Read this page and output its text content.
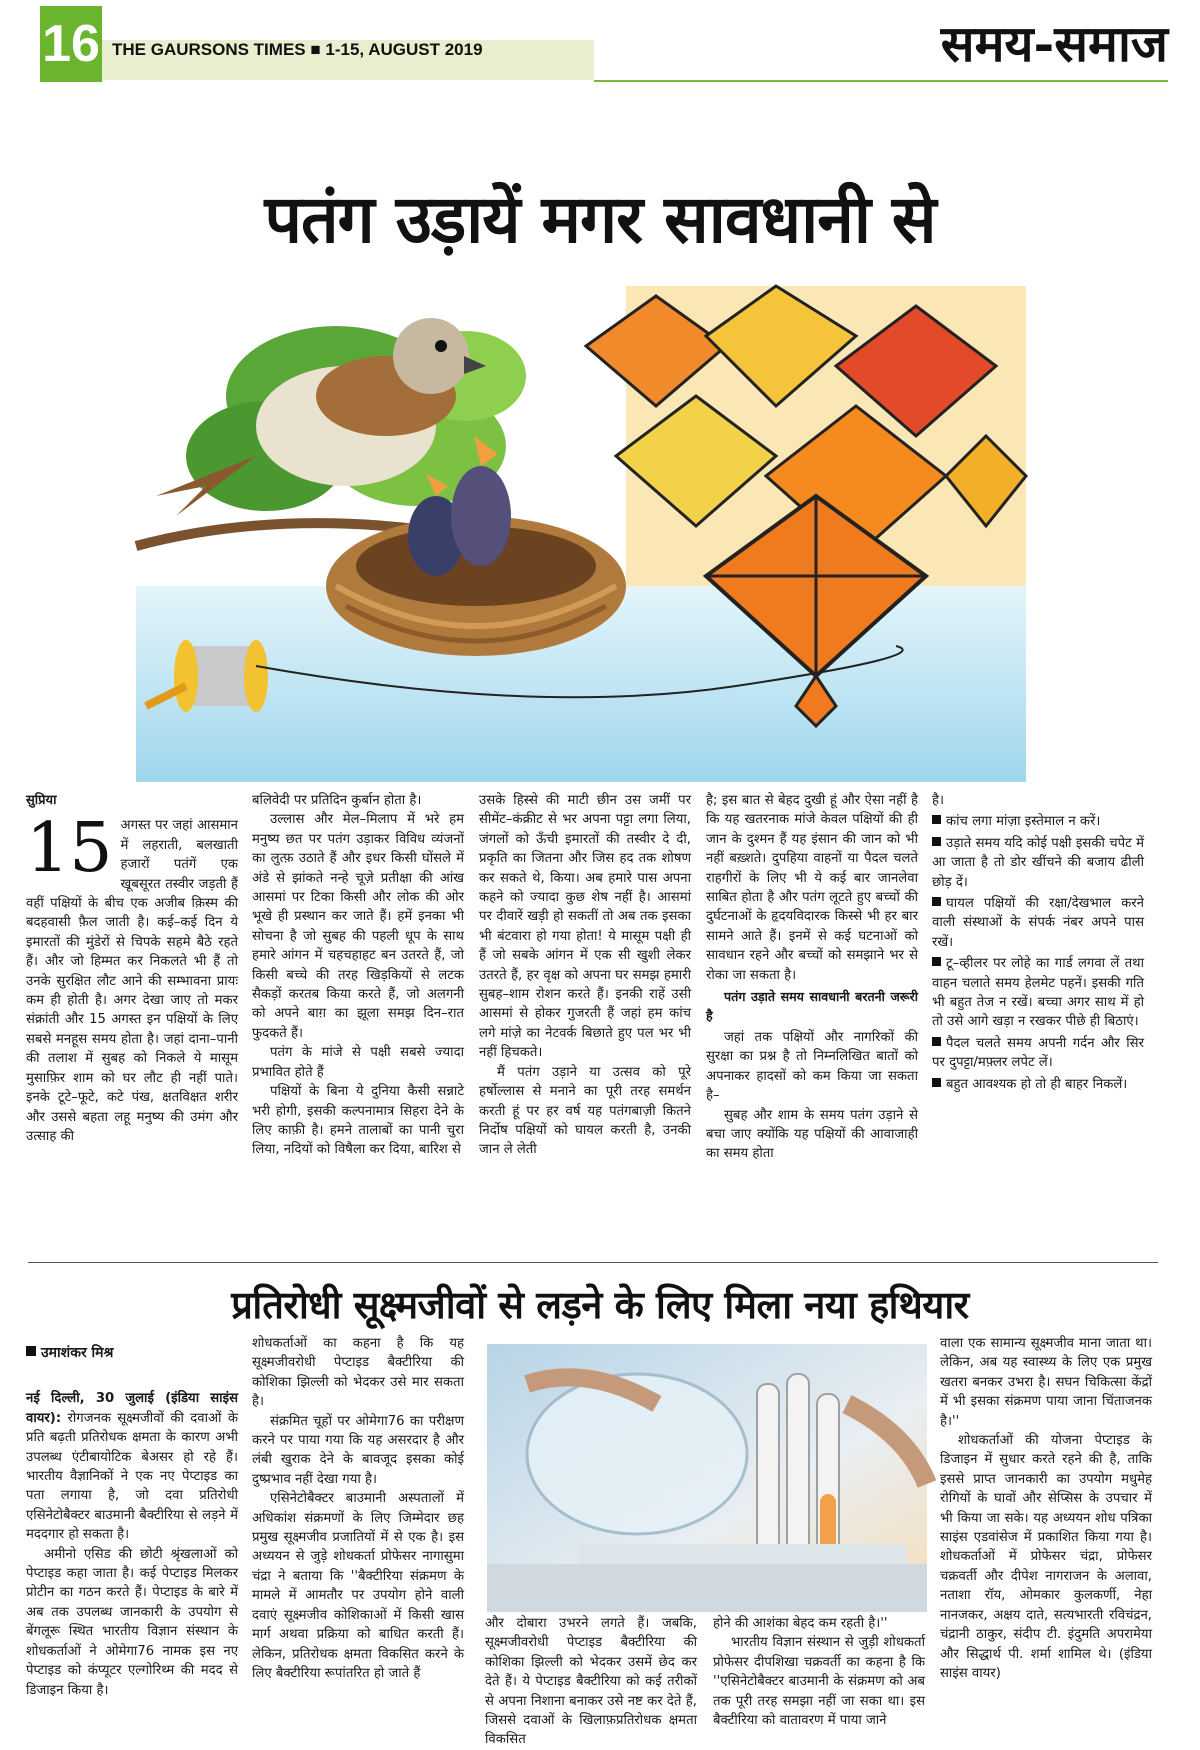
16 THE GAURSONS TIMES ■ 1-15, AUGUST 2019	समय-समाज
पतंग उड़ायें मगर सावधानी से
सुप्रिया
15 अगस्त पर जहां आसमान में लहराती, बलखाती हजारों पतंगें एक खूबसूरत तस्वीर जड़ती हैं वहीं पक्षियों के बीच एक अजीब क़िस्म की बदहवासी फ़ैल जाती है। कई–कई दिन ये इमारतों की मुंडेरों से चिपके सहमे बैठे रहते हैं। और जो हिम्मत कर निकलते भी हैं तो उनके सुरक्षित लौट आने की सम्भावना प्रायः कम ही होती है। अगर देखा जाए तो मकर संक्रांती और 15 अगस्त इन पक्षियों के लिए सबसे मनहूस समय होता है। जहां दाना–पानी की तलाश में सुबह को निकले ये मासूम मुसाफ़िर शाम को घर लौट ही नहीं पाते। इनके टूटे–फूटे, कटे पंख, क्षतविक्षत शरीर और उससे बहता लहू मनुष्य की उमंग और उत्साह की

बलिवेदी पर प्रतिदिन कुर्बान होता है।

उल्लास और मेल–मिलाप में भरे हम मनुष्य छत पर पतंग उड़ाकर विविध व्यंजनों का लुत्फ़ उठाते हैं और इधर किसी घोंसले में अंडे से झांकते नन्हे चूज़े प्रतीक्षा की आंख आसमां पर टिका किसी और लोक की ओर भूखे ही प्रस्थान कर जाते हैं। हमें इनका भी सोचना है जो सुबह की पहली धूप के साथ हमारे आंगन में चहचहाहट बन उतरते हैं, जो किसी बच्चे की तरह खिड़कियों से लटक सैकड़ों करतब किया करते हैं, जो अलगनी को अपने बाग़ का झूला समझ दिन–रात फुदकते हैं।

पतंग के मांजे से पक्षी सबसे ज्यादा प्रभावित होते हैं

पक्षियों के बिना ये दुनिया कैसी सन्नाटे भरी होगी, इसकी कल्पनामात्र सिहरा देने के लिए काफ़ी है। हमने तालाबों का पानी चुरा लिया, नदियों को विषैला कर दिया, बारिश से

उसके हिस्से की माटी छीन उस जमीं पर सीमेंट–कंक्रीट से भर अपना पट्टा लगा लिया, जंगलों को ऊँची इमारतों की तस्वीर दे दी, प्रकृति का जितना और जिस हद तक शोषण कर सकते थे, किया। अब हमारे पास अपना कहने को ज्यादा कुछ शेष नहीं है। आसमां पर दीवारें खड़ी हो सकतीं तो अब तक इसका भी बंटवारा हो गया होता! ये मासूम पक्षी ही हैं जो सबके आंगन में एक सी खुशी लेकर उतरते हैं, हर वृक्ष को अपना घर समझ हमारी सुबह–शाम रोशन करते हैं। इनकी राहें उसी आसमां से होकर गुजरती हैं जहां हम कांच लगे मांज़े का नेटवर्क बिछाते हुए पल भर भी नहीं हिचकते।

मैं पतंग उड़ाने या उत्सव को पूरे हर्षोल्लास से मनाने का पूरी तरह समर्थन करती हूं पर हर वर्ष यह पतंगबाज़ी कितने निर्दोष पक्षियों को घायल करती है, उनकी जान ले लेती

है; इस बात से बेहद दुखी हूं और ऐसा नहीं है कि यह खतरनाक मांजे केवल पक्षियों की ही जान के दुश्मन हैं यह इंसान की जान को भी नहीं बख़्शते। दुपहिया वाहनों या पैदल चलते राहगीरों के लिए भी ये कई बार जानलेवा साबित होता है और पतंग लूटते हुए बच्चों की दुर्घटनाओं के हृदयविदारक किस्से भी हर बार सामने आते हैं। इनमें से कई घटनाओं को सावधान रहने और बच्चों को समझाने भर से रोका जा सकता है।

पतंग उड़ाते समय सावधानी बरतनी जरूरी है

जहां तक पक्षियों और नागरिकों की सुरक्षा का प्रश्न है तो निम्नलिखित बातों को अपनाकर हादसों को कम किया जा सकता है–

सुबह और शाम के समय पतंग उड़ाने से बचा जाए क्योंकि यह पक्षियों की आवाजाही का समय होता

है।

कांच लगा मांज़ा इस्तेमाल न करें।

उड़ाते समय यदि कोई पक्षी इसकी चपेट में आ जाता है तो डोर खींचने की बजाय ढीली छोड़ दें।

घायल पक्षियों की रक्षा/देखभाल करने वाली संस्थाओं के संपर्क नंबर अपने पास रखें।

टू–व्हीलर पर लोहे का गार्ड लगवा लें तथा वाहन चलाते समय हेलमेट पहनें। इसकी गति भी बहुत तेज न रखें। बच्चा अगर साथ में हो तो उसे आगे खड़ा न रखकर पीछे ही बिठाएं।

पैदल चलते समय अपनी गर्दन और सिर पर दुपट्टा/मफ़्लर लपेट लें।

बहुत आवश्यक हो तो ही बाहर निकलें।

प्रतिरोधी सूक्ष्मजीवों से लड़ने के लिए मिला नया हथियार
उमाशंकर मिश्र

नई दिल्ली, 30 जुलाई (इंडिया साइंस वायर): रोगजनक सूक्ष्मजीवों की दवाओं के प्रति बढ़ती प्रतिरोधक क्षमता के कारण अभी उपलब्ध एंटीबायोटिक बेअसर हो रहे हैं। भारतीय वैज्ञानिकों ने एक नए पेप्टाइड का पता लगाया है, जो दवा प्रतिरोधी एसिनेटोबैक्टर बाउमानी बैक्टीरिया से लड़ने में मददगार हो सकता है।

अमीनो एसिड की छोटी श्रृंखलाओं को पेप्टाइड कहा जाता है। कई पेप्टाइड मिलकर प्रोटीन का गठन करते हैं। पेप्टाइड के बारे में अब तक उपलब्ध जानकारी के उपयोग से बेंगलूरू स्थित भारतीय विज्ञान संस्थान के शोधकर्ताओं ने ओमेगा76 नामक इस नए पेप्टाइड को कंप्यूटर एल्गोरिथ्म की मदद से डिजाइन किया है।

शोधकर्ताओं का कहना है कि यह सूक्ष्मजीवरोधी पेप्टाइड बैक्टीरिया की कोशिका झिल्ली को भेदकर उसे मार सकता है।

संक्रमित चूहों पर ओमेगा76 का परीक्षण करने पर पाया गया कि यह असरदार है और लंबी खुराक देने के बावजूद इसका कोई दुष्प्रभाव नहीं देखा गया है।

एसिनेटोबैक्टर बाउमानी अस्पतालों में अधिकांश संक्रमणों के लिए जिम्मेदार छह प्रमुख सूक्ष्मजीव प्रजातियों में से एक है। इस अध्ययन से जुड़े शोधकर्ता प्रोफेसर नागासुमा चंद्रा ने बताया कि ''बैक्टीरिया संक्रमण के मामले में आमतौर पर उपयोग होने वाली दवाएं सूक्ष्मजीव कोशिकाओं में किसी खास मार्ग अथवा प्रक्रिया को बाधित करती हैं। लेकिन, प्रतिरोधक क्षमता विकसित करने के लिए बैक्टीरिया रूपांतरित हो जाते हैं

और दोबारा उभरने लगते हैं। जबकि, सूक्ष्मजीवरोधी पेप्टाइड बैक्टीरिया की कोशिका झिल्ली को भेदकर उसमें छेद कर देते हैं। ये पेप्टाइड बैक्टीरिया को कई तरीकों से अपना निशाना बनाकर उसे नष्ट कर देते हैं, जिससे दवाओं के खिलाफ़प्रतिरोधक क्षमता विकसित

होने की आशंका बेहद कम रहती है।''

भारतीय विज्ञान संस्थान से जुड़ी शोधकर्ता प्रोफेसर दीपशिखा चक्रवर्ती का कहना है कि ''एसिनेटोबैक्टर बाउमानी के संक्रमण को अब तक पूरी तरह समझा नहीं जा सका था। इस बैक्टीरिया को वातावरण में पाया जाने

वाला एक सामान्य सूक्ष्मजीव माना जाता था। लेकिन, अब यह स्वास्थ्य के लिए एक प्रमुख खतरा बनकर उभरा है। सघन चिकित्सा केंद्रों में भी इसका संक्रमण पाया जाना चिंताजनक है।''

शोधकर्ताओं की योजना पेप्टाइड के डिजाइन में सुधार करते रहने की है, ताकि इससे प्राप्त जानकारी का उपयोग मधुमेह रोगियों के घावों और सेप्सिस के उपचार में भी किया जा सके। यह अध्ययन शोध पत्रिका साइंस एडवांसेज में प्रकाशित किया गया है। शोधकर्ताओं में प्रोफेसर चंद्रा, प्रोफेसर चक्रवर्ती और दीपेश नागराजन के अलावा, नताशा रॉय, ओमकार कुलकर्णी, नेहा नानजकर, अक्षय दाते, सत्यभारती रविचंद्रन, चंद्रानी ठाकुर, संदीप टी. इंदुमति अपरामेया और सिद्धार्थ पी. शर्मा शामिल थे। (इंडिया साइंस वायर)
